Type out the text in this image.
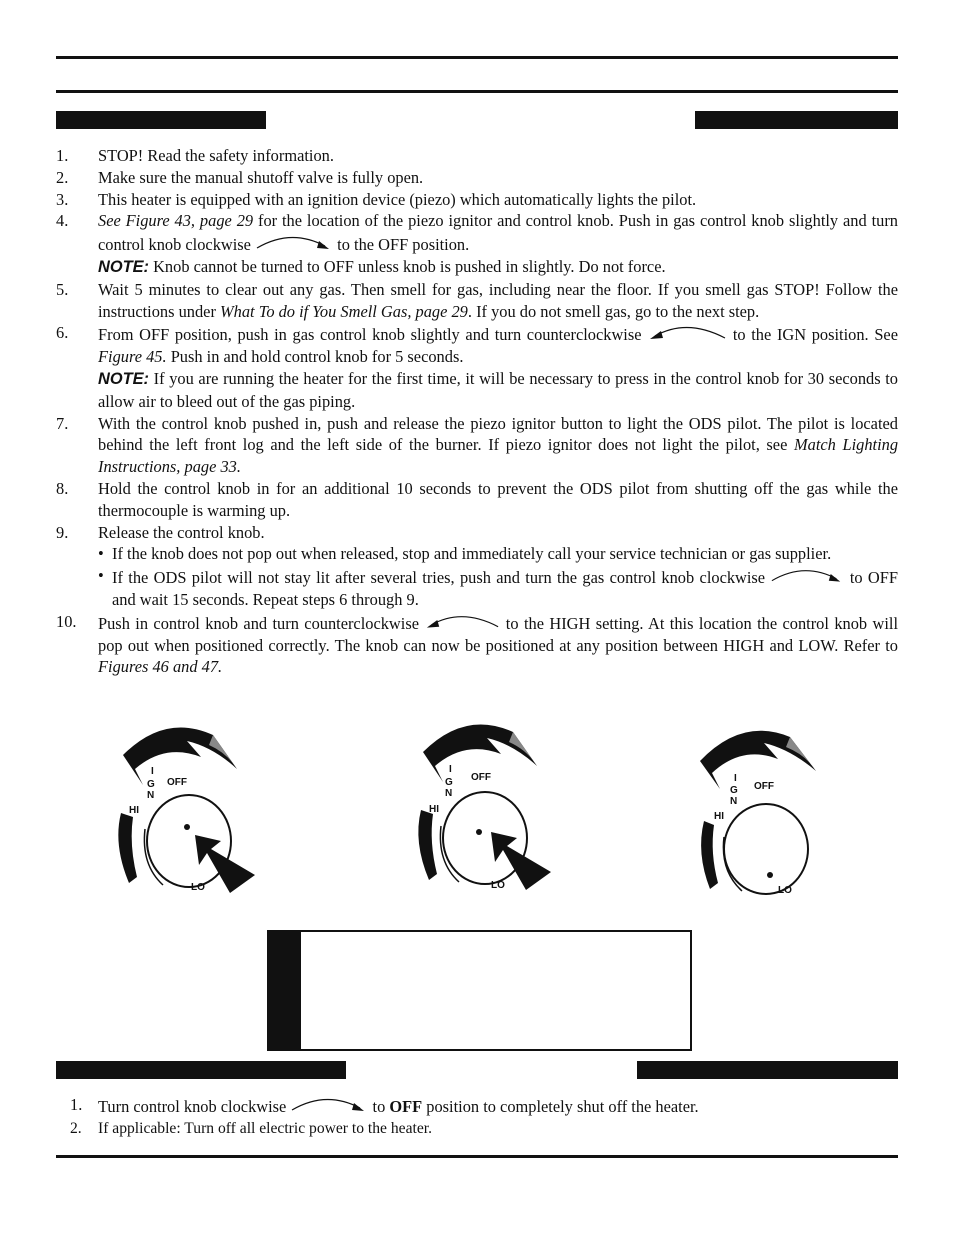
1. STOP! Read the safety information.
2. Make sure the manual shutoff valve is fully open.
3. This heater is equipped with an ignition device (piezo) which automatically lights the pilot.
4. See Figure 43, page 29 for the location of the piezo ignitor and control knob. Push in gas control knob slightly and turn control knob clockwise	to the OFF position.
NOTE: Knob cannot be turned to OFF unless knob is pushed in slightly. Do not force.
5. Wait 5 minutes to clear out any gas. Then smell for gas, including near the floor. If you smell gas STOP! Follow the instructions under What To do if You Smell Gas, page 29. If you do not smell gas, go to the next step.
6. From OFF position, push in gas control knob slightly and turn counterclockwise	to the IGN position. See Figure 45. Push in and hold control knob for 5 seconds.
NOTE: If you are running the heater for the first time, it will be necessary to press in the control knob for 30 seconds to allow air to bleed out of the gas piping.
7. With the control knob pushed in, push and release the piezo ignitor button to light the ODS pilot. The pilot is located behind the left front log and the left side of the burner. If piezo ignitor does not light the pilot, see Match Lighting Instructions, page 33.
8. Hold the control knob in for an additional 10 seconds to prevent the ODS pilot from shutting off the gas while the thermocouple is warming up.
9. Release the control knob.
• If the knob does not pop out when released, stop and immediately call your service technician or gas supplier.
• If the ODS pilot will not stay lit after several tries, push and turn the gas control knob clockwise	to OFF and wait 15 seconds. Repeat steps 6 through 9.
10. Push in control knob and turn counterclockwise	to the HIGH setting. At this location the control knob will pop out when positioned correctly. The knob can now be positioned at any position between HIGH and LOW. Refer to Figures 46 and 47.
I
G
N
OFF
HI
LO
I
G
N
OFF
HI
LO
I
G
N
OFF
HI
LO
1. Turn control knob clockwise	to OFF position to completely shut off the heater.
2. If applicable: Turn off all electric power to the heater.
